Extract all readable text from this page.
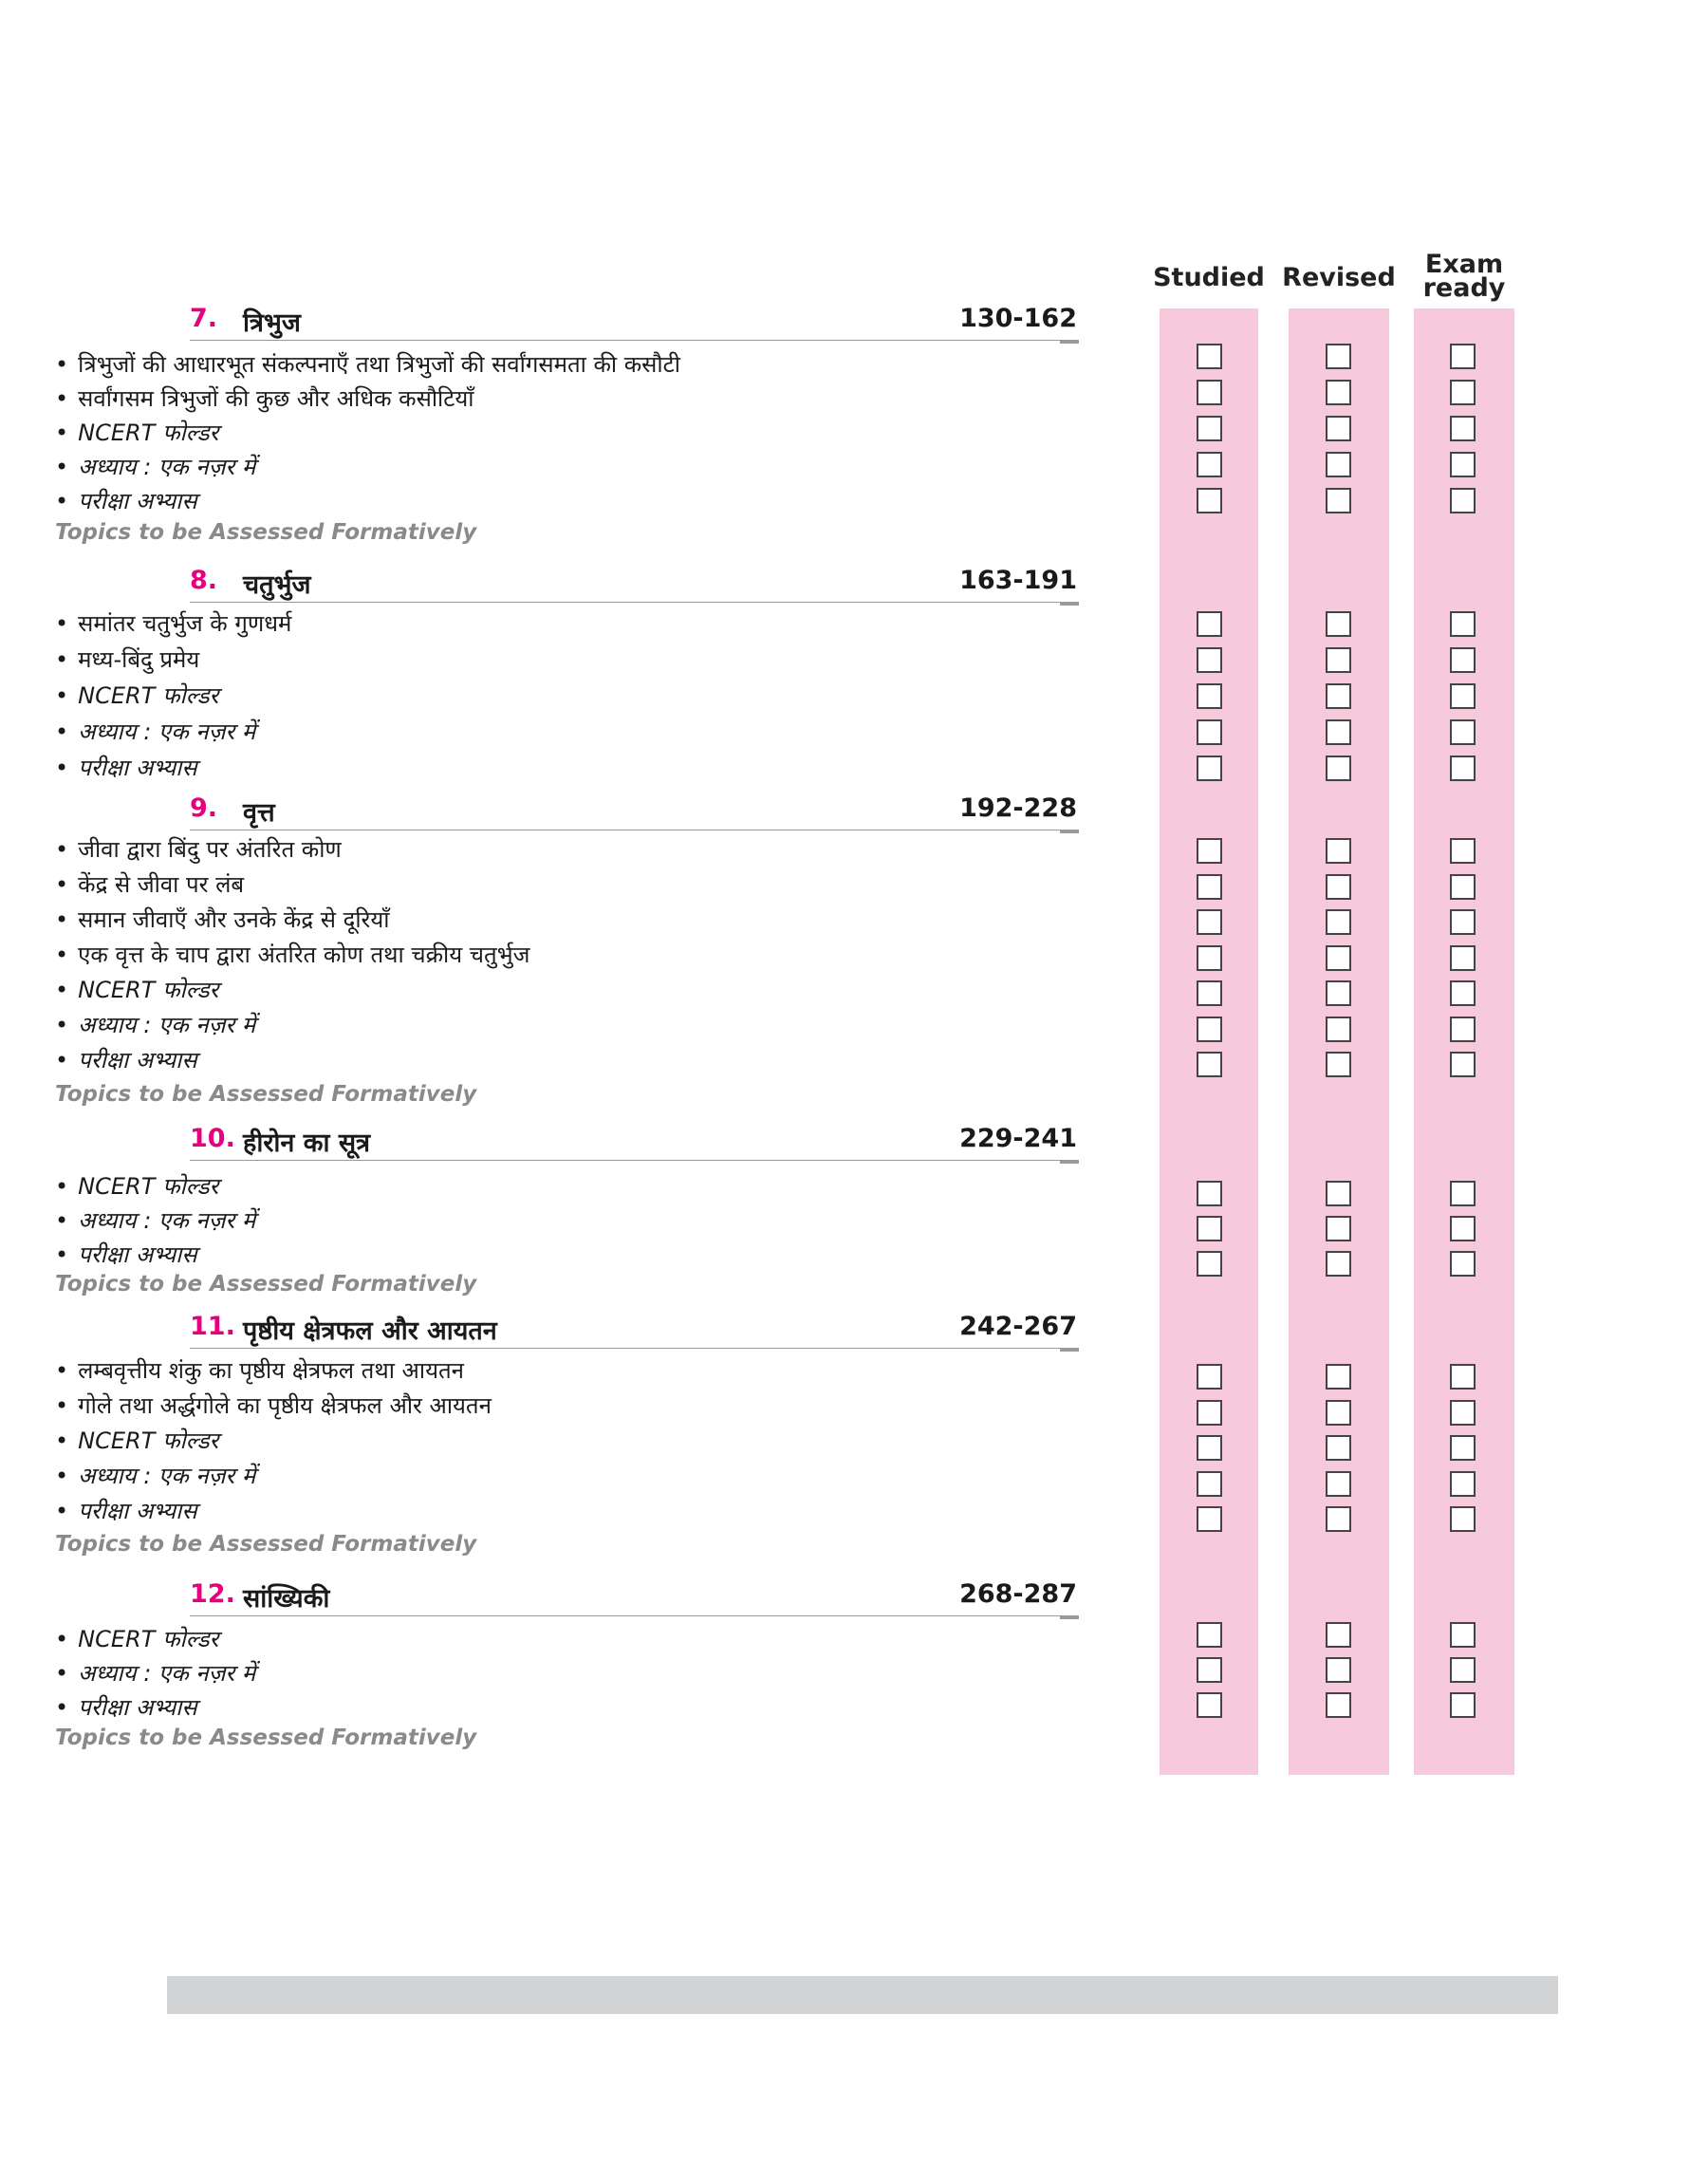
Studied Revised	Exam
ready
7. त्रिभुज	130-162
• त्रिभुजों की आधारभूत संकल्पनाएँ तथा त्रिभुजों की सर्वांगसमता की कसौटी
• सर्वांगसम त्रिभुजों की कुछ और अधिक कसौटियाँ
• NCERT फोल्डर
• अध्याय : एक नज़र में
• परीक्षा अभ्यास
Topics to be Assessed Formatively
8. चतुर्भुज	163-191
• समांतर चतुर्भुज के गुणधर्म
• मध्य-बिंदु प्रमेय
• NCERT फोल्डर
• अध्याय : एक नज़र में
• परीक्षा अभ्यास
9. वृत्त	192-228
• जीवा द्वारा बिंदु पर अंतरित कोण
• केंद्र से जीवा पर लंब
• समान जीवाएँ और उनके केंद्र से दूरियाँ
• एक वृत्त के चाप द्वारा अंतरित कोण तथा चक्रीय चतुर्भुज
• NCERT फोल्डर
• अध्याय : एक नज़र में
• परीक्षा अभ्यास
Topics to be Assessed Formatively
10. हीरोन का सूत्र	229-241
• NCERT फोल्डर
• अध्याय : एक नज़र में
• परीक्षा अभ्यास
Topics to be Assessed Formatively
11. पृष्ठीय क्षेत्रफल और आयतन	242-267
• लम्बवृत्तीय शंकु का पृष्ठीय क्षेत्रफल तथा आयतन
• गोले तथा अर्द्धगोले का पृष्ठीय क्षेत्रफल और आयतन
• NCERT फोल्डर
• अध्याय : एक नज़र में
• परीक्षा अभ्यास
Topics to be Assessed Formatively
12. सांख्यिकी	268-287
• NCERT फोल्डर
• अध्याय : एक नज़र में
• परीक्षा अभ्यास
Topics to be Assessed Formatively
